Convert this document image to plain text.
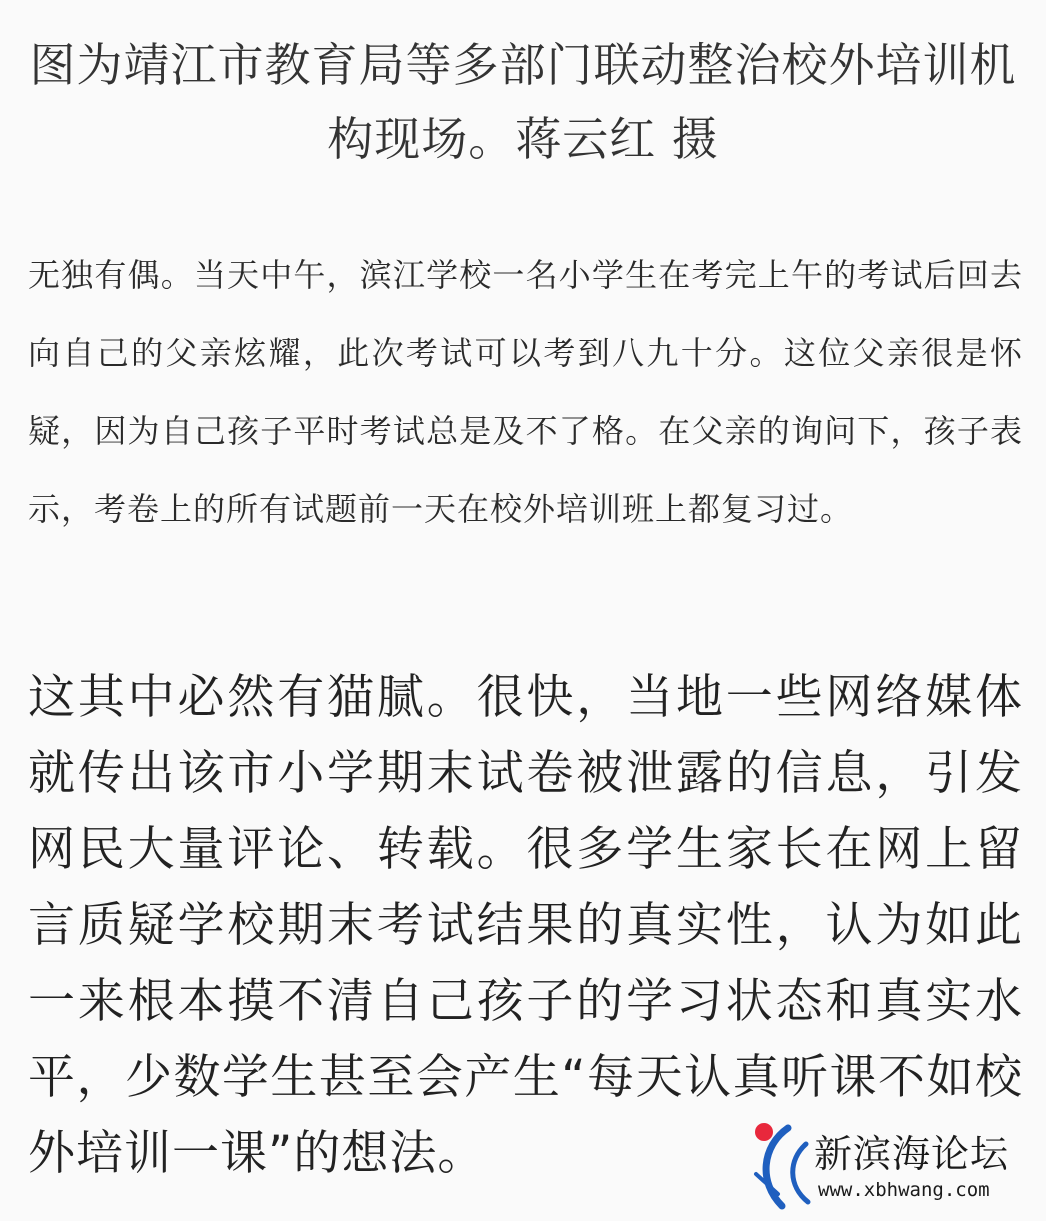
图为靖江市教育局等多部门联动整治校外培训机构现场。蒋云红 摄
无独有偶。当天中午，滨江学校一名小学生在考完上午的考试后回去向自己的父亲炫耀，此次考试可以考到八九十分。这位父亲很是怀疑，因为自己孩子平时考试总是及不了格。在父亲的询问下，孩子表示，考卷上的所有试题前一天在校外培训班上都复习过。
这其中必然有猫腻。很快，当地一些网络媒体就传出该市小学期末试卷被泄露的信息，引发网民大量评论、转载。很多学生家长在网上留言质疑学校期末考试结果的真实性，认为如此一来根本摸不清自己孩子的学习状态和真实水平，少数学生甚至会产生“每天认真听课不如校外培训一课”的想法。	新滨海论坛
www.xbhwang.com
